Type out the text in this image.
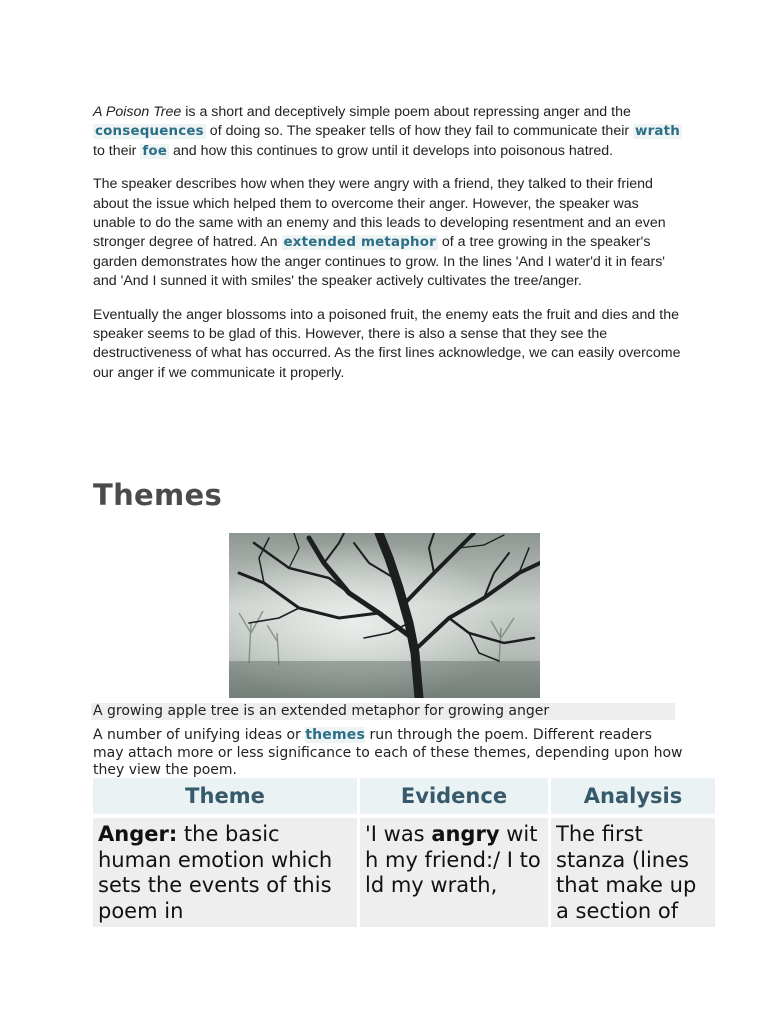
A Poison Tree is a short and deceptively simple poem about repressing anger and the consequences of doing so. The speaker tells of how they fail to communicate their wrath to their foe and how this continues to grow until it develops into poisonous hatred.

The speaker describes how when they were angry with a friend, they talked to their friend about the issue which helped them to overcome their anger. However, the speaker was unable to do the same with an enemy and this leads to developing resentment and an even stronger degree of hatred. An extended metaphor of a tree growing in the speaker's garden demonstrates how the anger continues to grow. In the lines 'And I water'd it in fears' and 'And I sunned it with smiles' the speaker actively cultivates the tree/anger.

Eventually the anger blossoms into a poisoned fruit, the enemy eats the fruit and dies and the speaker seems to be glad of this. However, there is also a sense that they see the destructiveness of what has occurred. As the first lines acknowledge, we can easily overcome our anger if we communicate it properly.

Themes
A growing apple tree is an extended metaphor for growing anger

A number of unifying ideas or themes run through the poem. Different readers may attach more or less significance to each of these themes, depending upon how they view the poem.

Theme	Evidence	Analysis

Anger: the basic human emotion which sets the events of this poem in	'I was angry with my friend:/ I told my wrath,	The first stanza (lines that make up a section of
